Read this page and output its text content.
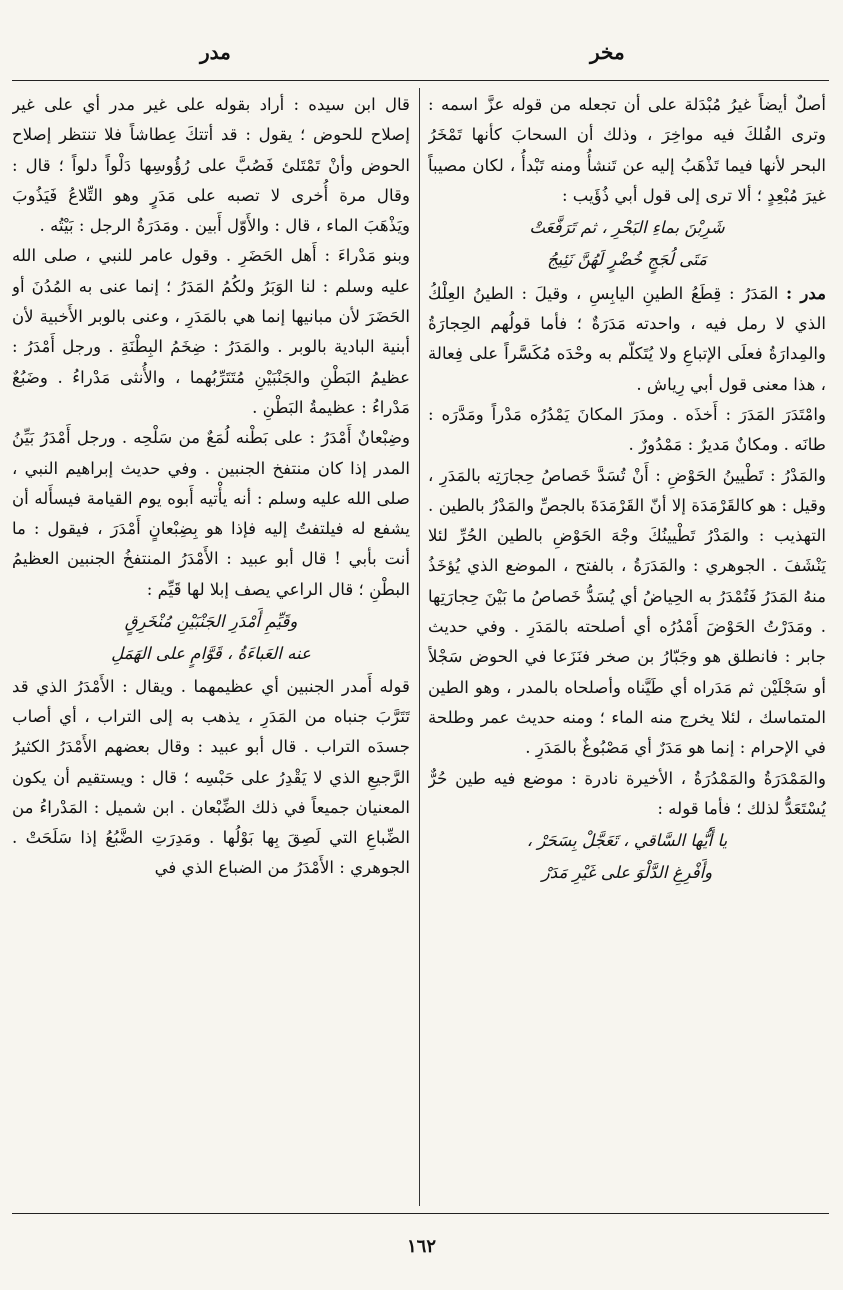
مخر
مدر

أصلٌ أيضاً غيرُ مُبْدَلة على أن تجعله من قوله عزَّ اسمه : وترى الفُلكَ فيه مواخِرَ ، وذلك أن السحابَ كأنها تَمْخَرُ البحر لأنها فيما تَذْهَبُ إليه عن تَنشأُ ومنه تَبْدأُ ، لكان مصيباً غيرَ مُبْعِدٍ ؛ ألا ترى إلى قول أبي ذُؤَيب :

شَرِبْنَ بماءِ البَحْرِ ، ثم تَرَفَّعَتْ

مَتَى لُجَجٍ خُضْرٍ لَهُنَّ نَئِيجُ

مدر : المَدَرُ : قِطَعُ الطينِ اليابِسِ ، وقيلَ : الطينُ العِلْكُ الذي لا رمل فيه ، واحدته مَدَرَةٌ ؛ فأما قولُهم الحِجارَةُ والمِدارَةُ فعلَى الإتباعِ ولا يُتَكلّم به وحْدَه مُكَسَّراً على فِعالة ، هذا معنى قول أبي رِياش .

وامْتَدَرَ المَدَرَ : أَخذَه . ومدَرَ المكانَ يَمْدُرُه مَدْراً ومَدَّرَه : طانَه . ومكانٌ مَديرٌ : مَمْدُورٌ .

والمَدْرُ : تَطْيينُ الحَوْضِ : أَنْ تُسَدَّ خَصاصُ حِجارَتِه بالمَدَرِ ، وقيل : هو كالقَرْمَدَة إلا أنّ القَرْمَدَةَ بالجصِّ والمَدْرُ بالطين . التهذيب : والمَدْرُ تَطْيينُكَ وجْهَ الحَوْضِ بالطين الحُرِّ لئلا يَنْشَفَ . الجوهري : والمَدَرَةُ ، بالفتح ، الموضع الذي يُؤخَذُ منهُ المَدَرُ فَتُمْدَرُ به الحِياضُ أي يُسَدُّ خَصاصُ ما بَيْنَ حِجارَتِها . ومَدَرْتُ الحَوْضَ أَمْدُرُه أي أصلحته بالمَدَرِ . وفي حديث جابر : فانطلق هو وجَبّارُ بن صخر فنَزَعا في الحوض سَجْلاً أو سَجْلَيْن ثم مَدَراه أي طَيَّناه وأصلحاه بالمدر ، وهو الطين المتماسك ، لئلا يخرج منه الماء ؛ ومنه حديث عمر وطلحة في الإحرام : إنما هو مَدَرٌ أي مَصْبُوغٌ بالمَدَرِ .

والمَمْدَرَةُ والمَمْدُرَةُ ، الأخيرة نادرة : موضع فيه طين حُرٌّ يُسْتَعَدُّ لذلك ؛ فأما قوله :

يا أَيُّها السَّاقي ، تَعَجَّلْ بِسَحَرْ ،

وأَفْرِغِ الدَّلْوَ على غَيْرِ مَدَرْ

قال ابن سيده : أراد بقوله على غير مدر أي على غير إصلاح للحوض ؛ يقول : قد أتتكَ عِطاشاً فلا تنتظر إصلاح الحوض وأنْ تَمْتَلئ فَصُبَّ على رُؤُوسِها دَلْواً دلواً ؛ قال : وقال مرة أُخرى لا تصبه على مَدَرٍ وهو التِّلاعُ فَيَذُوبَ ويَذْهَبَ الماء ، قال : والأَوّل أَبين . ومَدَرَةُ الرجل : بَيْتُه .

وبنو مَدْراءَ : أَهل الحَضَرِ . وقول عامر للنبي ، صلى الله عليه وسلم : لنا الوَبَرُ ولكُمُ المَدَرُ ؛ إنما عنى به المُدُنَ أو الحَضَرَ لأن مبانيها إنما هي بالمَدَرِ ، وعنى بالوبر الأَخبية لأن أبنية البادية بالوبر . والمَدَرُ : ضِخَمُ البِطْنَةِ . ورجل أَمْدَرُ : عظيمُ البَطْنِ والجَنْبَيْنِ مُتَتَرِّبُهما ، والأُنثى مَدْراءُ . وضَبُعٌ مَدْراءُ : عظيمةُ البَطْنِ .

وضِبْعانٌ أَمْدَرُ : على بَطْنه لُمَعٌ من سَلْحِه . ورجل أَمْدَرُ بَيِّنُ المدر إذا كان منتفخ الجنبين . وفي حديث إبراهيم النبي ، صلى الله عليه وسلم : أنه يأْتيه أَبوه يوم القيامة فيسأَله أن يشفع له فيلتفتُ إليه فإذا هو بِضِبْعانٍ أَمْدَرَ ، فيقول : ما أنت بأبي ! قال أبو عبيد : الأَمْدَرُ المنتفخُ الجنبين العظيمُ البطْنِ ؛ قال الراعي يصف إبلا لها قَيِّم :

وقَيِّمِ أَمْدَرِ الجَنْبَيْنِ مُنْخَرِقٍ

عنه العَباءَةُ ، قَوَّامٍ على الهَمَلِ

قوله أَمدر الجنبين أي عظيمهما . ويقال : الأَمْدَرُ الذي قد تَتَرَّبَ جنباه من المَدَرِ ، يذهب به إلى التراب ، أي أصاب جسدَه التراب . قال أبو عبيد : وقال بعضهم الأَمْدَرُ الكثيرُ الرَّجيعِ الذي لا يَقْدِرُ على حَبْسِه ؛ قال : ويستقيم أن يكون المعنيان جميعاً في ذلك الضِّبْعان . ابن شميل : المَدْراءُ من الضِّباعِ التي لَصِقَ بِها بَوْلُها . ومَدِرَتِ الضَّبُعُ إذا سَلَحَتْ . الجوهري : الأَمْدَرُ من الضباع الذي في

١٦٢
